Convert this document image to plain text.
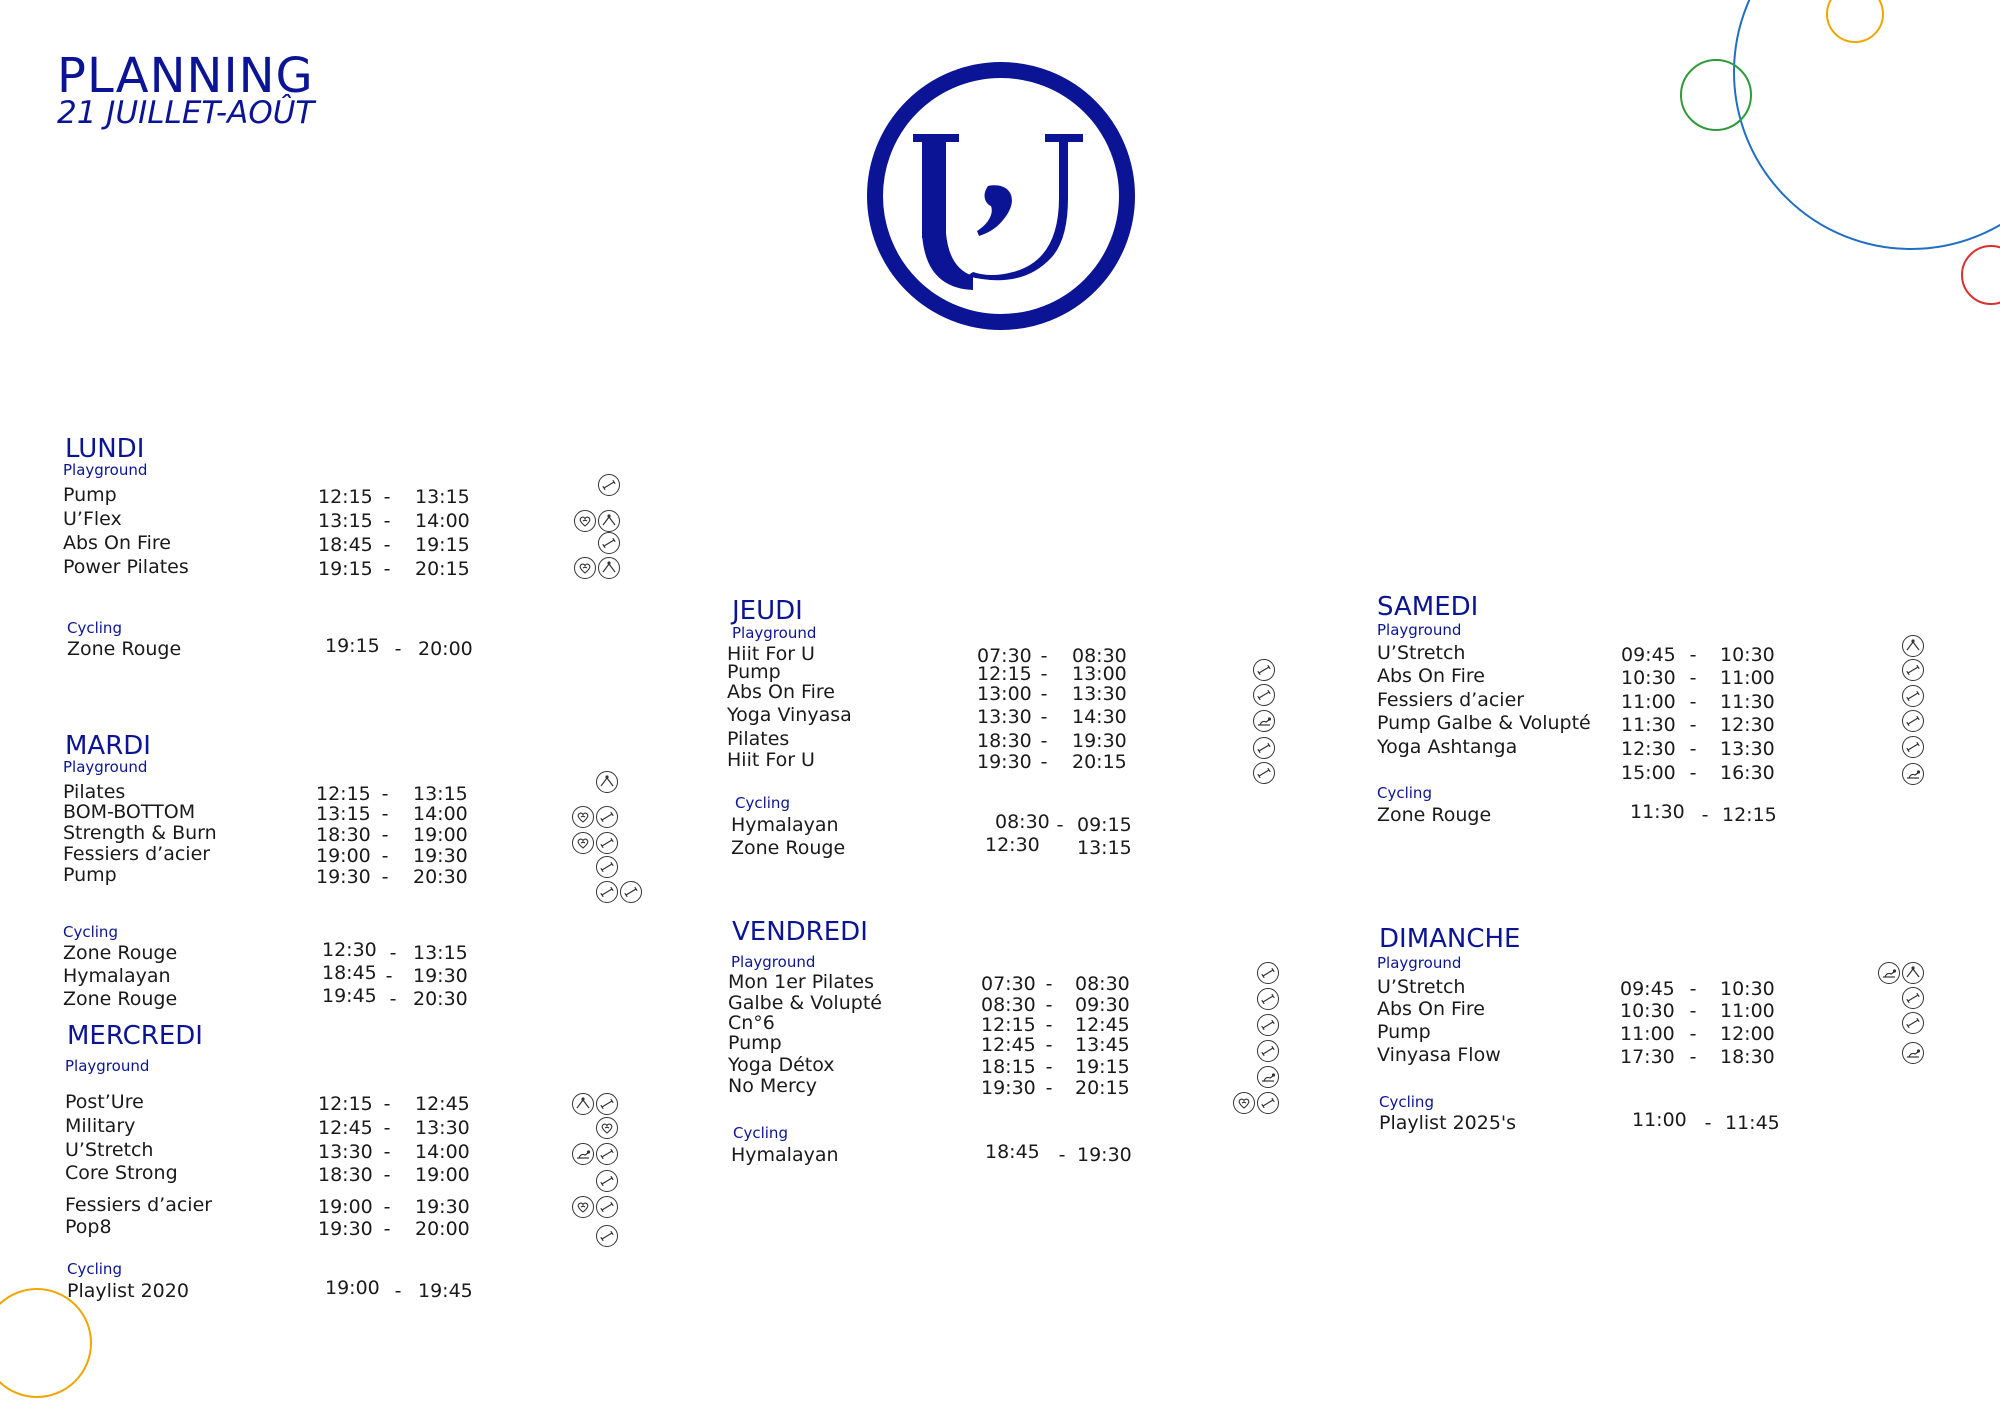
PLANNING
21 JUILLET-AOÛT
LUNDI
Playground
Pump	12:15 - 13:15
U’Flex	13:15 - 14:00
Abs On Fire	18:45 - 19:15
Power Pilates	19:15 - 20:15
Cycling
Zone Rouge	19:15 - 20:00
MARDI
Playground
Pilates	12:15 - 13:15
BOM-BOTTOM	13:15 - 14:00
Strength & Burn	18:30 - 19:00
Fessiers d’acier	19:00 - 19:30
Pump	19:30 - 20:30
Cycling
Zone Rouge	12:30 - 13:15
Hymalayan	18:45 - 19:30
Zone Rouge	19:45 - 20:30
MERCREDI
Playground
Post’Ure	12:15 - 12:45
Military	12:45 - 13:30
U’Stretch	13:30 - 14:00
Core Strong	18:30 - 19:00
Fessiers d’acier	19:00 - 19:30
Pop8	19:30 - 20:00
Cycling
Playlist 2020	19:00 - 19:45
JEUDI
Playground
Hiit For U	07:30 - 08:30
Pump	12:15 - 13:00
Abs On Fire	13:00 - 13:30
Yoga Vinyasa	13:30 - 14:30
Pilates	18:30 - 19:30
Hiit For U	19:30 - 20:15
Cycling
Hymalayan	08:30 - 09:15
Zone Rouge	12:30 13:15
VENDREDI
Playground
Mon 1er Pilates	07:30 - 08:30
Galbe & Volupté	08:30 - 09:30
Cn°6	12:15 - 12:45
Pump	12:45 - 13:45
Yoga Détox	18:15 - 19:15
No Mercy	19:30 - 20:15
Cycling
Hymalayan	18:45 - 19:30
SAMEDI
Playground
U’Stretch	09:45 - 10:30
Abs On Fire	10:30 - 11:00
Fessiers d’acier	11:00 - 11:30
Pump Galbe & Volupté 11:30 - 12:30
Yoga Ashtanga	12:30 - 13:30
15:00 - 16:30
Cycling
Zone Rouge	11:30 - 12:15
DIMANCHE
Playground
U’Stretch	09:45 - 10:30
Abs On Fire	10:30 - 11:00
Pump	11:00 - 12:00
Vinyasa Flow	17:30 - 18:30
Cycling
Playlist 2025's	11:00 - 11:45
